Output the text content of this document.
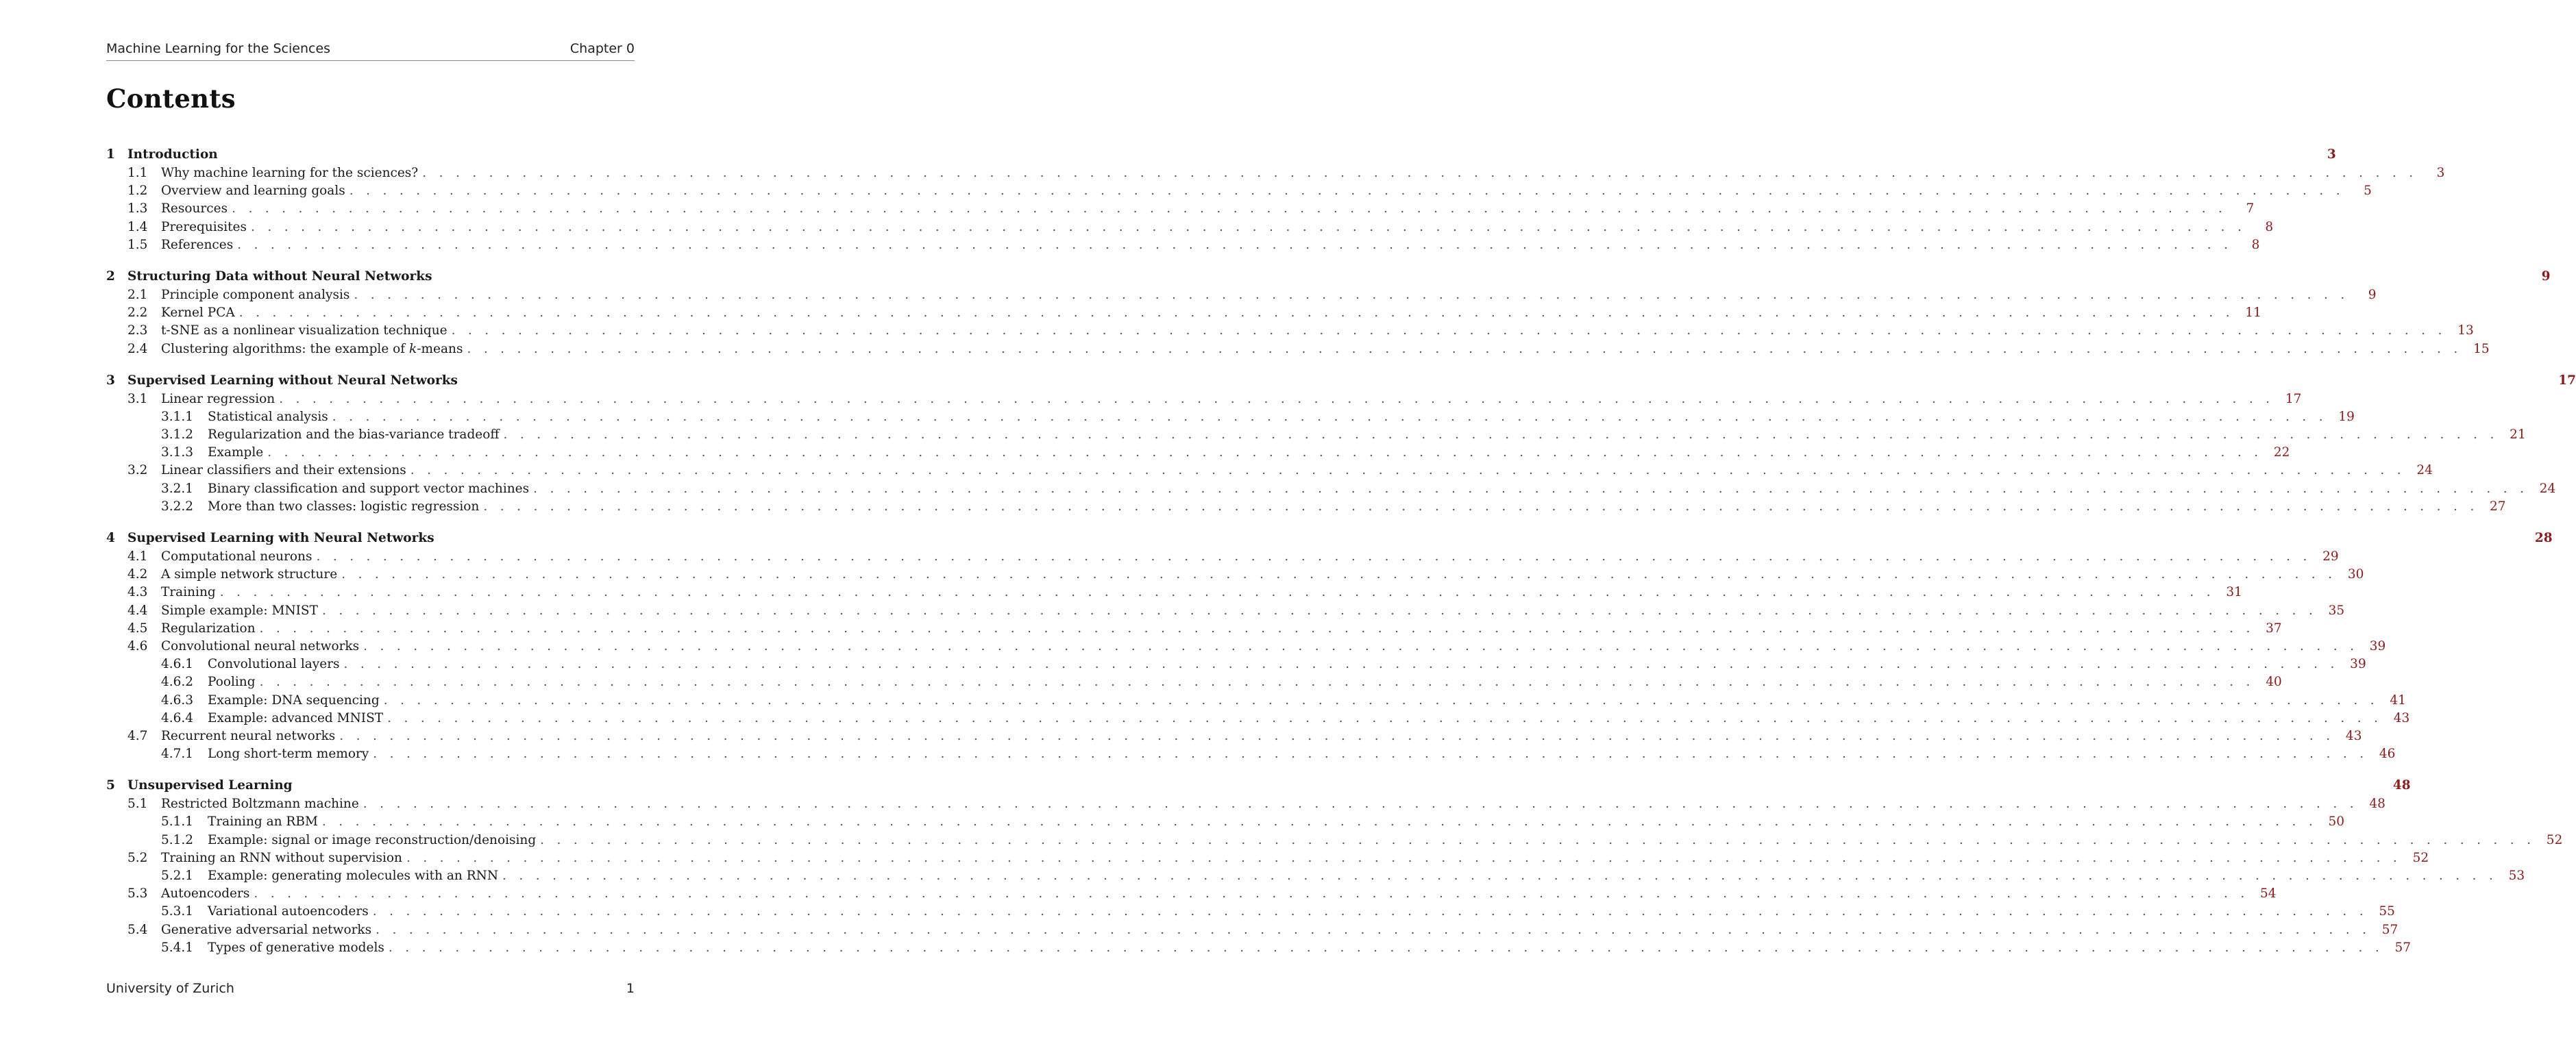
Machine Learning for the Sciences	Chapter 0
Contents
1 Introduction	3
1.1	Why machine learning for the sciences? . . . . . . . . . . . . . . . . . . . . . . . . . . . . . . . . . . . . . . . . . . . . . . . . . . . . . . . . . . . . . . . . . . . . . . . . . . . . . . . . . . . . . . . . . . . . . . . . . . . . . . . . . . . . . . . . . . . . . . . .	3
1.2	Overview and learning goals . . . . . . . . . . . . . . . . . . . . . . . . . . . . . . . . . . . . . . . . . . . . . . . . . . . . . . . . . . . . . . . . . . . . . . . . . . . . . . . . . . . . . . . . . . . . . . . . . . . . . . . . . . . . . . . . . . . . . . . .	5
1.3	Resources . . . . . . . . . . . . . . . . . . . . . . . . . . . . . . . . . . . . . . . . . . . . . . . . . . . . . . . . . . . . . . . . . . . . . . . . . . . . . . . . . . . . . . . . . . . . . . . . . . . . . . . . . . . . . . . . . . . . . . . .	7
1.4	Prerequisites . . . . . . . . . . . . . . . . . . . . . . . . . . . . . . . . . . . . . . . . . . . . . . . . . . . . . . . . . . . . . . . . . . . . . . . . . . . . . . . . . . . . . . . . . . . . . . . . . . . . . . . . . . . . . . . . . . . . . . . .	8
1.5	References . . . . . . . . . . . . . . . . . . . . . . . . . . . . . . . . . . . . . . . . . . . . . . . . . . . . . . . . . . . . . . . . . . . . . . . . . . . . . . . . . . . . . . . . . . . . . . . . . . . . . . . . . . . . . . . . . . . . . . . .	8
2 Structuring Data without Neural Networks	9
2.1	Principle component analysis . . . . . . . . . . . . . . . . . . . . . . . . . . . . . . . . . . . . . . . . . . . . . . . . . . . . . . . . . . . . . . . . . . . . . . . . . . . . . . . . . . . . . . . . . . . . . . . . . . . . . . . . . . . . . . . . . . . . . . . .	9
2.2	Kernel PCA . . . . . . . . . . . . . . . . . . . . . . . . . . . . . . . . . . . . . . . . . . . . . . . . . . . . . . . . . . . . . . . . . . . . . . . . . . . . . . . . . . . . . . . . . . . . . . . . . . . . . . . . . . . . . . . . . . . . . . . . 11
2.3	t-SNE as a nonlinear visualization technique . . . . . . . . . . . . . . . . . . . . . . . . . . . . . . . . . . . . . . . . . . . . . . . . . . . . . . . . . . . . . . . . . . . . . . . . . . . . . . . . . . . . . . . . . . . . . . . . . . . . . . . . . . . . . . . . . . . . . . . . 13
2.4	Clustering algorithms: the example of k-means . . . . . . . . . . . . . . . . . . . . . . . . . . . . . . . . . . . . . . . . . . . . . . . . . . . . . . . . . . . . . . . . . . . . . . . . . . . . . . . . . . . . . . . . . . . . . . . . . . . . . . . . . . . . . . . . . . . . . . . . 15
3 Supervised Learning without Neural Networks	17
3.1	Linear regression . . . . . . . . . . . . . . . . . . . . . . . . . . . . . . . . . . . . . . . . . . . . . . . . . . . . . . . . . . . . . . . . . . . . . . . . . . . . . . . . . . . . . . . . . . . . . . . . . . . . . . . . . . . . . . . . . . . . . . . . 17
3.1.1	Statistical analysis . . . . . . . . . . . . . . . . . . . . . . . . . . . . . . . . . . . . . . . . . . . . . . . . . . . . . . . . . . . . . . . . . . . . . . . . . . . . . . . . . . . . . . . . . . . . . . . . . . . . . . . . . . . . . . . . . . . . . . . . 19
3.1.2	Regularization and the bias-variance tradeoff . . . . . . . . . . . . . . . . . . . . . . . . . . . . . . . . . . . . . . . . . . . . . . . . . . . . . . . . . . . . . . . . . . . . . . . . . . . . . . . . . . . . . . . . . . . . . . . . . . . . . . . . . . . . . . . . . . . . . . . . 21
3.1.3	Example . . . . . . . . . . . . . . . . . . . . . . . . . . . . . . . . . . . . . . . . . . . . . . . . . . . . . . . . . . . . . . . . . . . . . . . . . . . . . . . . . . . . . . . . . . . . . . . . . . . . . . . . . . . . . . . . . . . . . . . . 22
3.2	Linear classifiers and their extensions . . . . . . . . . . . . . . . . . . . . . . . . . . . . . . . . . . . . . . . . . . . . . . . . . . . . . . . . . . . . . . . . . . . . . . . . . . . . . . . . . . . . . . . . . . . . . . . . . . . . . . . . . . . . . . . . . . . . . . . . 24
3.2.1	Binary classification and support vector machines . . . . . . . . . . . . . . . . . . . . . . . . . . . . . . . . . . . . . . . . . . . . . . . . . . . . . . . . . . . . . . . . . . . . . . . . . . . . . . . . . . . . . . . . . . . . . . . . . . . . . . . . . . . . . . . . . . . . . . . . 24
3.2.2	More than two classes: logistic regression . . . . . . . . . . . . . . . . . . . . . . . . . . . . . . . . . . . . . . . . . . . . . . . . . . . . . . . . . . . . . . . . . . . . . . . . . . . . . . . . . . . . . . . . . . . . . . . . . . . . . . . . . . . . . . . . . . . . . . . . 27
4 Supervised Learning with Neural Networks	28
4.1	Computational neurons . . . . . . . . . . . . . . . . . . . . . . . . . . . . . . . . . . . . . . . . . . . . . . . . . . . . . . . . . . . . . . . . . . . . . . . . . . . . . . . . . . . . . . . . . . . . . . . . . . . . . . . . . . . . . . . . . . . . . . . . 29
4.2	A simple network structure . . . . . . . . . . . . . . . . . . . . . . . . . . . . . . . . . . . . . . . . . . . . . . . . . . . . . . . . . . . . . . . . . . . . . . . . . . . . . . . . . . . . . . . . . . . . . . . . . . . . . . . . . . . . . . . . . . . . . . . . 30
4.3	Training . . . . . . . . . . . . . . . . . . . . . . . . . . . . . . . . . . . . . . . . . . . . . . . . . . . . . . . . . . . . . . . . . . . . . . . . . . . . . . . . . . . . . . . . . . . . . . . . . . . . . . . . . . . . . . . . . . . . . . . . 31
4.4	Simple example: MNIST . . . . . . . . . . . . . . . . . . . . . . . . . . . . . . . . . . . . . . . . . . . . . . . . . . . . . . . . . . . . . . . . . . . . . . . . . . . . . . . . . . . . . . . . . . . . . . . . . . . . . . . . . . . . . . . . . . . . . . . . 35
4.5	Regularization . . . . . . . . . . . . . . . . . . . . . . . . . . . . . . . . . . . . . . . . . . . . . . . . . . . . . . . . . . . . . . . . . . . . . . . . . . . . . . . . . . . . . . . . . . . . . . . . . . . . . . . . . . . . . . . . . . . . . . . . 37
4.6	Convolutional neural networks . . . . . . . . . . . . . . . . . . . . . . . . . . . . . . . . . . . . . . . . . . . . . . . . . . . . . . . . . . . . . . . . . . . . . . . . . . . . . . . . . . . . . . . . . . . . . . . . . . . . . . . . . . . . . . . . . . . . . . . . 39
4.6.1	Convolutional layers . . . . . . . . . . . . . . . . . . . . . . . . . . . . . . . . . . . . . . . . . . . . . . . . . . . . . . . . . . . . . . . . . . . . . . . . . . . . . . . . . . . . . . . . . . . . . . . . . . . . . . . . . . . . . . . . . . . . . . . . 39
4.6.2	Pooling . . . . . . . . . . . . . . . . . . . . . . . . . . . . . . . . . . . . . . . . . . . . . . . . . . . . . . . . . . . . . . . . . . . . . . . . . . . . . . . . . . . . . . . . . . . . . . . . . . . . . . . . . . . . . . . . . . . . . . . . 40
4.6.3	Example: DNA sequencing . . . . . . . . . . . . . . . . . . . . . . . . . . . . . . . . . . . . . . . . . . . . . . . . . . . . . . . . . . . . . . . . . . . . . . . . . . . . . . . . . . . . . . . . . . . . . . . . . . . . . . . . . . . . . . . . . . . . . . . . 41
4.6.4	Example: advanced MNIST . . . . . . . . . . . . . . . . . . . . . . . . . . . . . . . . . . . . . . . . . . . . . . . . . . . . . . . . . . . . . . . . . . . . . . . . . . . . . . . . . . . . . . . . . . . . . . . . . . . . . . . . . . . . . . . . . . . . . . . . 43
4.7	Recurrent neural networks . . . . . . . . . . . . . . . . . . . . . . . . . . . . . . . . . . . . . . . . . . . . . . . . . . . . . . . . . . . . . . . . . . . . . . . . . . . . . . . . . . . . . . . . . . . . . . . . . . . . . . . . . . . . . . . . . . . . . . . . 43
4.7.1	Long short-term memory . . . . . . . . . . . . . . . . . . . . . . . . . . . . . . . . . . . . . . . . . . . . . . . . . . . . . . . . . . . . . . . . . . . . . . . . . . . . . . . . . . . . . . . . . . . . . . . . . . . . . . . . . . . . . . . . . . . . . . . . 46
5 Unsupervised Learning	48
5.1	Restricted Boltzmann machine . . . . . . . . . . . . . . . . . . . . . . . . . . . . . . . . . . . . . . . . . . . . . . . . . . . . . . . . . . . . . . . . . . . . . . . . . . . . . . . . . . . . . . . . . . . . . . . . . . . . . . . . . . . . . . . . . . . . . . . . 48
5.1.1	Training an RBM . . . . . . . . . . . . . . . . . . . . . . . . . . . . . . . . . . . . . . . . . . . . . . . . . . . . . . . . . . . . . . . . . . . . . . . . . . . . . . . . . . . . . . . . . . . . . . . . . . . . . . . . . . . . . . . . . . . . . . . . 50
5.1.2	Example: signal or image reconstruction/denoising . . . . . . . . . . . . . . . . . . . . . . . . . . . . . . . . . . . . . . . . . . . . . . . . . . . . . . . . . . . . . . . . . . . . . . . . . . . . . . . . . . . . . . . . . . . . . . . . . . . . . . . . . . . . . . . . . . . . . . . . 52
5.2	Training an RNN without supervision . . . . . . . . . . . . . . . . . . . . . . . . . . . . . . . . . . . . . . . . . . . . . . . . . . . . . . . . . . . . . . . . . . . . . . . . . . . . . . . . . . . . . . . . . . . . . . . . . . . . . . . . . . . . . . . . . . . . . . . . 52
5.2.1	Example: generating molecules with an RNN . . . . . . . . . . . . . . . . . . . . . . . . . . . . . . . . . . . . . . . . . . . . . . . . . . . . . . . . . . . . . . . . . . . . . . . . . . . . . . . . . . . . . . . . . . . . . . . . . . . . . . . . . . . . . . . . . . . . . . . . 53
5.3	Autoencoders . . . . . . . . . . . . . . . . . . . . . . . . . . . . . . . . . . . . . . . . . . . . . . . . . . . . . . . . . . . . . . . . . . . . . . . . . . . . . . . . . . . . . . . . . . . . . . . . . . . . . . . . . . . . . . . . . . . . . . . . 54
5.3.1	Variational autoencoders . . . . . . . . . . . . . . . . . . . . . . . . . . . . . . . . . . . . . . . . . . . . . . . . . . . . . . . . . . . . . . . . . . . . . . . . . . . . . . . . . . . . . . . . . . . . . . . . . . . . . . . . . . . . . . . . . . . . . . . . 55
5.4	Generative adversarial networks . . . . . . . . . . . . . . . . . . . . . . . . . . . . . . . . . . . . . . . . . . . . . . . . . . . . . . . . . . . . . . . . . . . . . . . . . . . . . . . . . . . . . . . . . . . . . . . . . . . . . . . . . . . . . . . . . . . . . . . . 57
5.4.1	Types of generative models . . . . . . . . . . . . . . . . . . . . . . . . . . . . . . . . . . . . . . . . . . . . . . . . . . . . . . . . . . . . . . . . . . . . . . . . . . . . . . . . . . . . . . . . . . . . . . . . . . . . . . . . . . . . . . . . . . . . . . . . 57
University of Zurich	1
